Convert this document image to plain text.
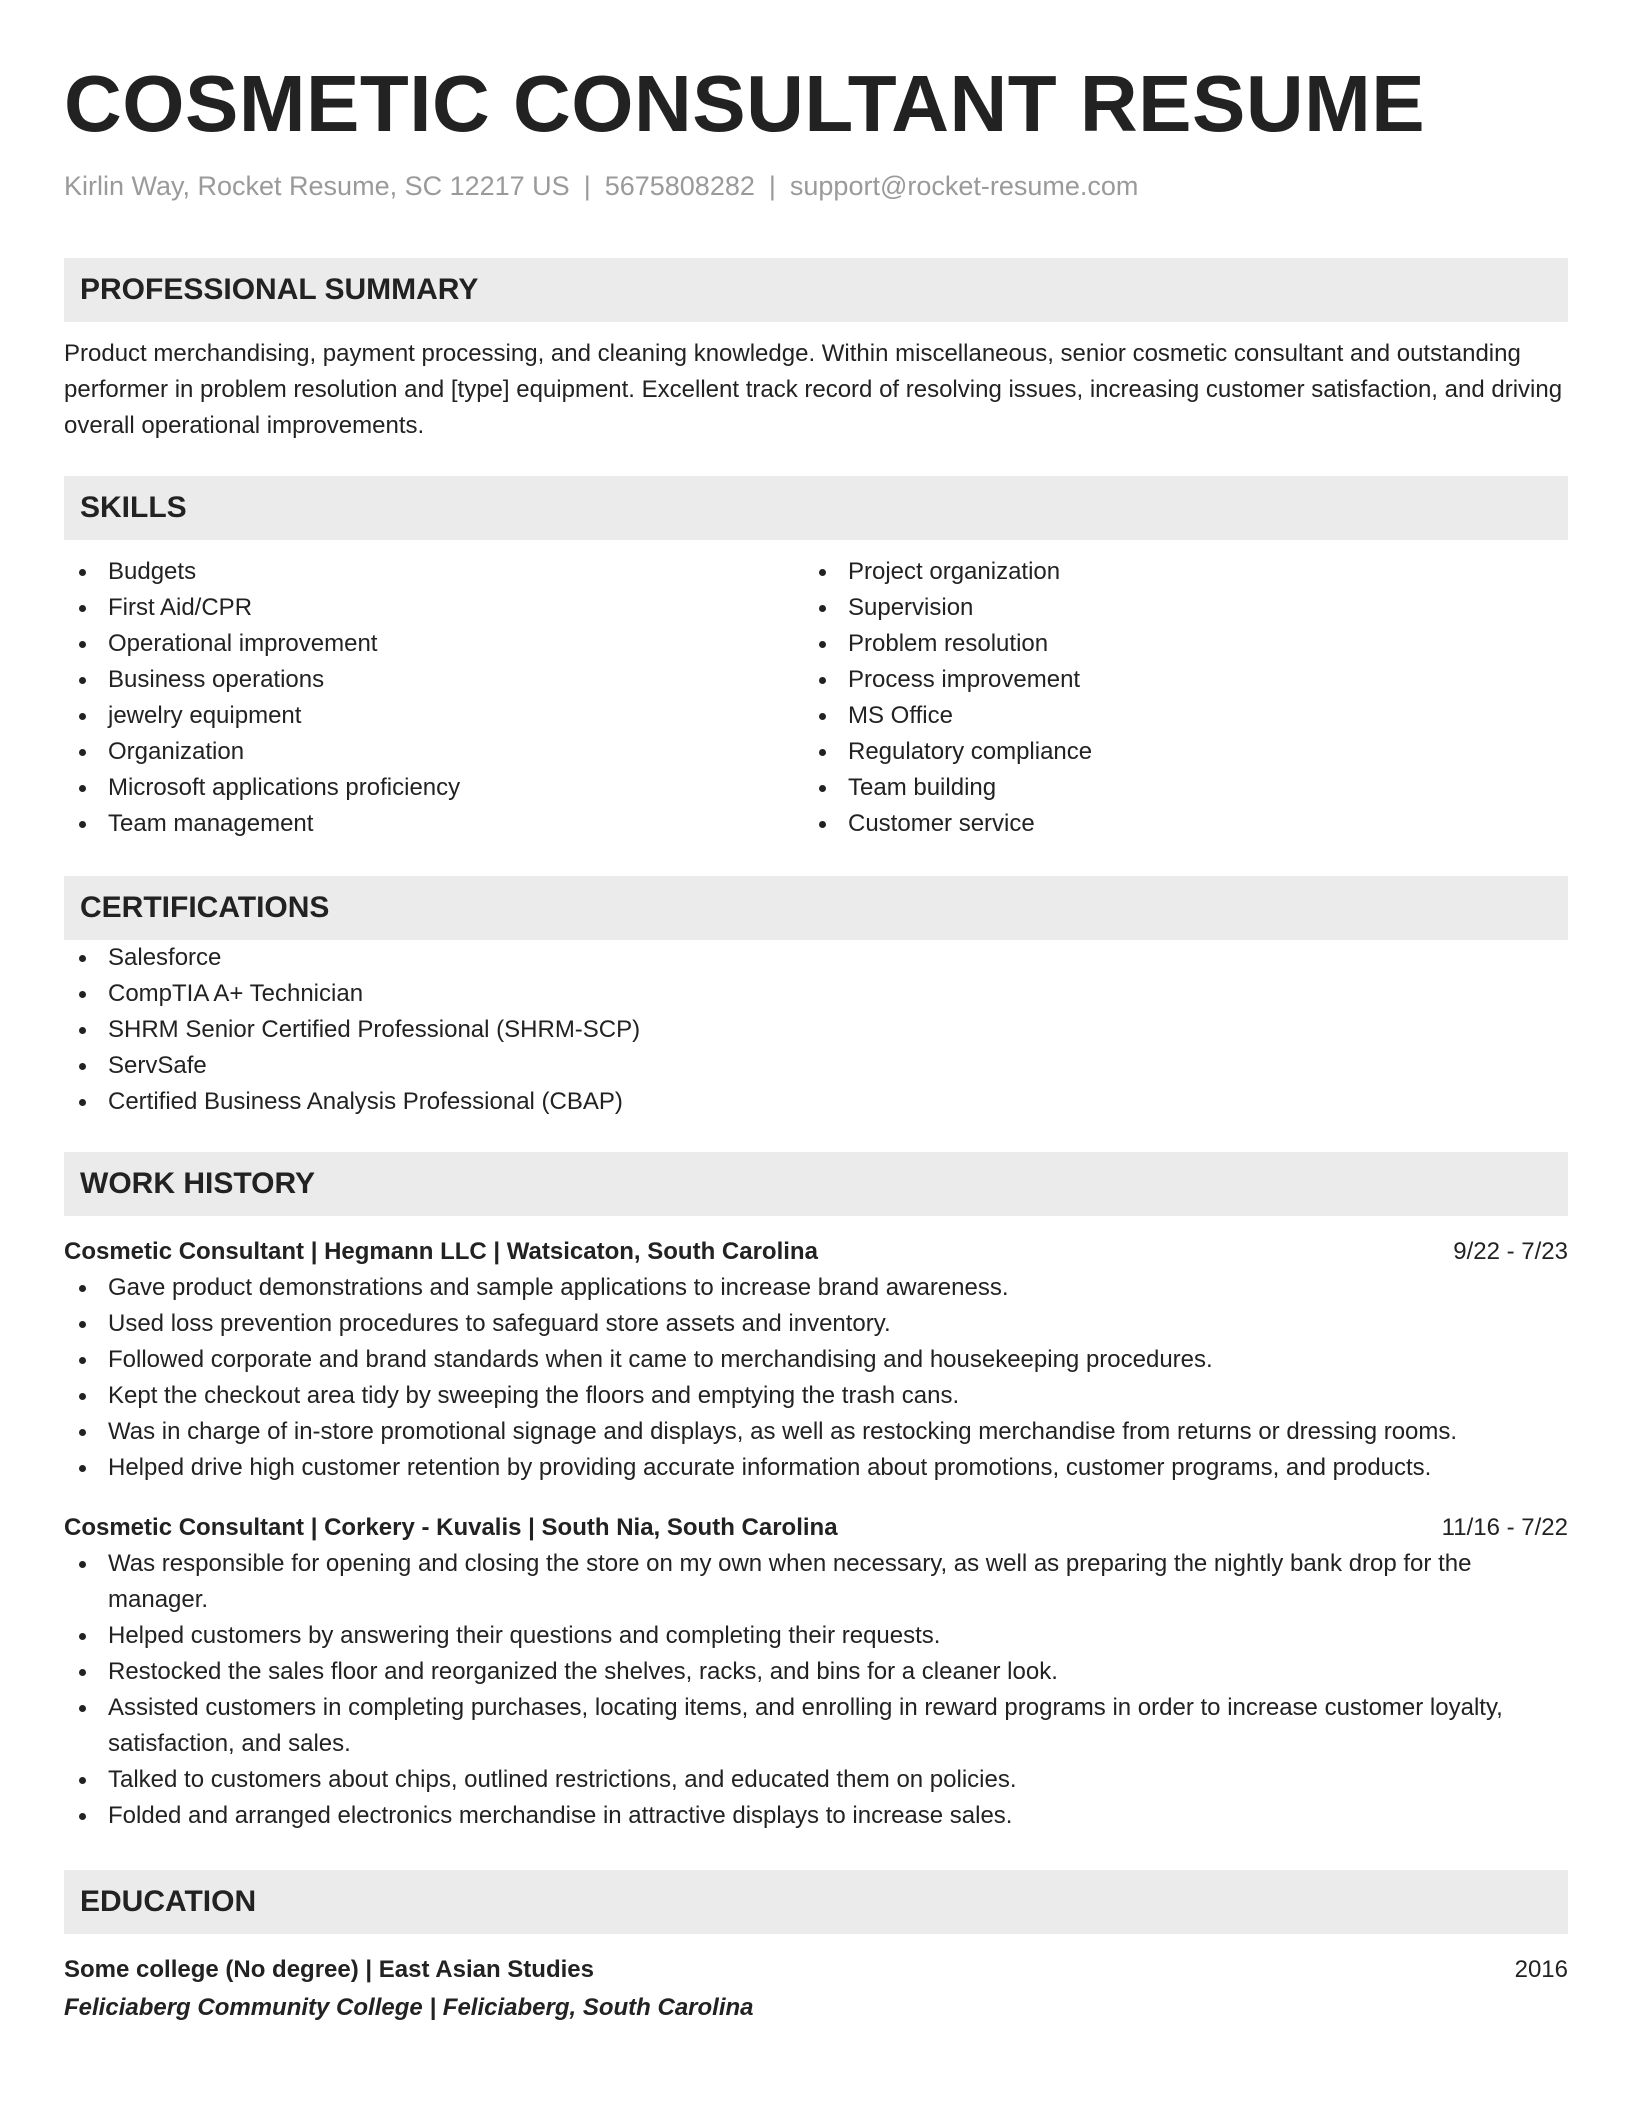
COSMETIC CONSULTANT RESUME
Kirlin Way, Rocket Resume, SC 12217 US | 5675808282 | support@rocket-resume.com
PROFESSIONAL SUMMARY
Product merchandising, payment processing, and cleaning knowledge. Within miscellaneous, senior cosmetic consultant and outstanding performer in problem resolution and [type] equipment. Excellent track record of resolving issues, increasing customer satisfaction, and driving overall operational improvements.
SKILLS
Budgets
First Aid/CPR
Operational improvement
Business operations
jewelry equipment
Organization
Microsoft applications proficiency
Team management
Project organization
Supervision
Problem resolution
Process improvement
MS Office
Regulatory compliance
Team building
Customer service
CERTIFICATIONS
Salesforce
CompTIA A+ Technician
SHRM Senior Certified Professional (SHRM-SCP)
ServSafe
Certified Business Analysis Professional (CBAP)
WORK HISTORY
Cosmetic Consultant | Hegmann LLC | Watsicaton, South Carolina	9/22 - 7/23
Gave product demonstrations and sample applications to increase brand awareness.
Used loss prevention procedures to safeguard store assets and inventory.
Followed corporate and brand standards when it came to merchandising and housekeeping procedures.
Kept the checkout area tidy by sweeping the floors and emptying the trash cans.
Was in charge of in-store promotional signage and displays, as well as restocking merchandise from returns or dressing rooms.
Helped drive high customer retention by providing accurate information about promotions, customer programs, and products.
Cosmetic Consultant | Corkery - Kuvalis | South Nia, South Carolina	11/16 - 7/22
Was responsible for opening and closing the store on my own when necessary, as well as preparing the nightly bank drop for the manager.
Helped customers by answering their questions and completing their requests.
Restocked the sales floor and reorganized the shelves, racks, and bins for a cleaner look.
Assisted customers in completing purchases, locating items, and enrolling in reward programs in order to increase customer loyalty, satisfaction, and sales.
Talked to customers about chips, outlined restrictions, and educated them on policies.
Folded and arranged electronics merchandise in attractive displays to increase sales.
EDUCATION
Some college (No degree) | East Asian Studies	2016
Feliciaberg Community College | Feliciaberg, South Carolina
